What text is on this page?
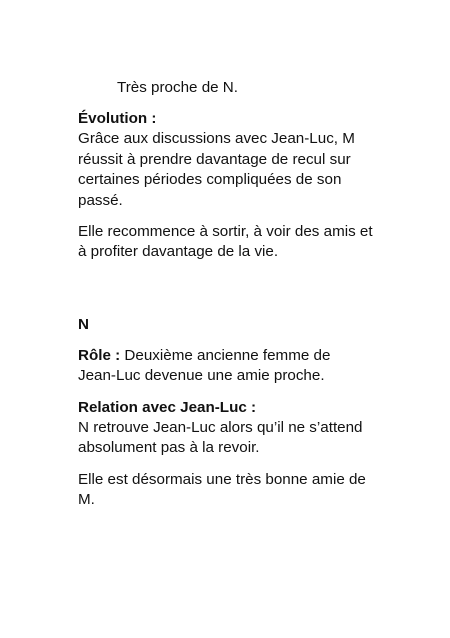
Très proche de N.
Évolution :
Grâce aux discussions avec Jean-Luc, M
réussit à prendre davantage de recul sur
certaines périodes compliquées de son
passé.
Elle recommence à sortir, à voir des amis et
à profiter davantage de la vie.
N
Rôle : Deuxième ancienne femme de
Jean-Luc devenue une amie proche.
Relation avec Jean-Luc :
N retrouve Jean-Luc alors qu’il ne s’attend
absolument pas à la revoir.
Elle est désormais une très bonne amie de
M.
